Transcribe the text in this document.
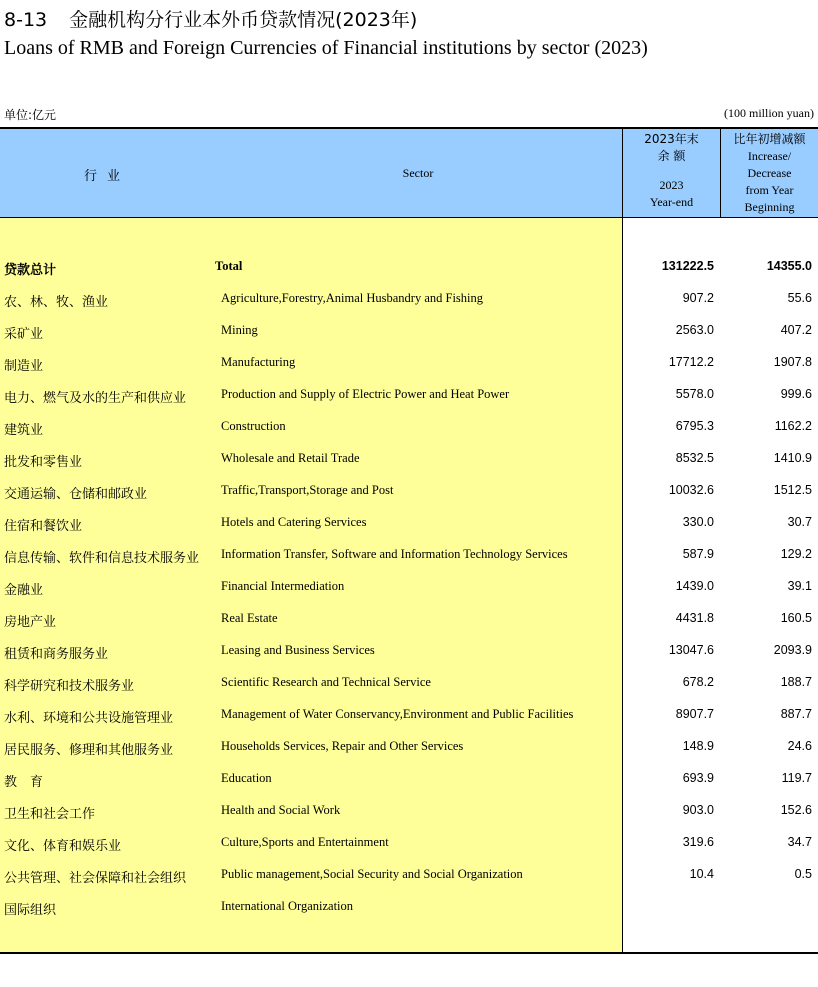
8-13 金融机构分行业本外币贷款情况(2023年)
Loans of RMB and Foreign Currencies of Financial institutions by sector (2023)
单位:亿元	(100 million yuan)
行业	Sector
2023年末
余 额
2023
Year-end
比年初增减额
Increase/
Decrease
from Year
Beginning
贷款总计	Total	131222.5	14355.0
农、林、牧、渔业	Agriculture,Forestry,Animal Husbandry and Fishing	907.2	55.6
采矿业	Mining	2563.0	407.2
制造业	Manufacturing	17712.2	1907.8
电力、燃气及水的生产和供应业	Production and Supply of Electric Power and Heat Power	5578.0	999.6
建筑业	Construction	6795.3	1162.2
批发和零售业	Wholesale and Retail Trade	8532.5	1410.9
交通运输、仓储和邮政业	Traffic,Transport,Storage and Post	10032.6	1512.5
住宿和餐饮业	Hotels and Catering Services	330.0	30.7
信息传输、软件和信息技术服务业 Information Transfer, Software and Information Technology Services	587.9	129.2
金融业	Financial Intermediation	1439.0	39.1
房地产业	Real Estate	4431.8	160.5
租赁和商务服务业	Leasing and Business Services	13047.6	2093.9
科学研究和技术服务业	Scientific Research and Technical Service	678.2	188.7
水利、环境和公共设施管理业	Management of Water Conservancy,Environment and Public Facilities	8907.7	887.7
居民服务、修理和其他服务业	Households Services, Repair and Other Services	148.9	24.6
教　育	Education	693.9	119.7
卫生和社会工作	Health and Social Work	903.0	152.6
文化、体育和娱乐业	Culture,Sports and Entertainment	319.6	34.7
公共管理、社会保障和社会组织	Public management,Social Security and Social Organization	10.4	0.5
国际组织	International Organization
